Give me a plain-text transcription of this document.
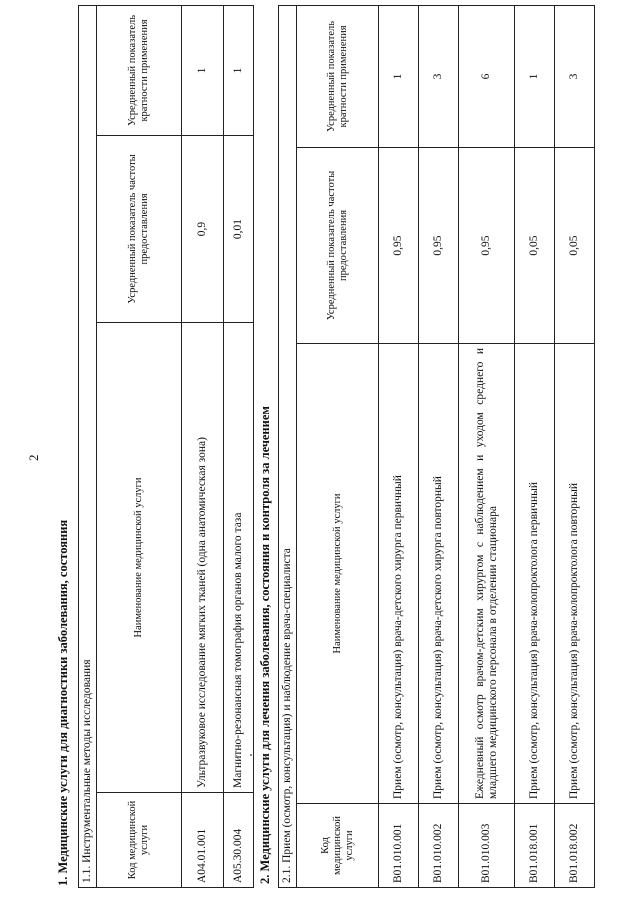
2
1. Медицинские услуги для диагностики заболевания, состояния 1.1. Инструментальные методы исследования			
Код медицинской услуги	Наименование медицинской услуги	Усредненный показатель частоты предоставления	Усредненный показатель кратности применения
A04.01.001	Ультразвуковое исследование мягких тканей (одна анатомическая зона)	0,9	1
A05.30.004	Магнитно-резонансная томография органов малого таза	0,01	1
2. Медицинские услуги для лечения заболевания, состояния и контроля за лечением 2.1. Прием (осмотр, консультация) и наблюдение врача-специалиста			
Код медицинской услуги	Наименование медицинской услуги	Усредненный показатель частоты предоставления	Усредненный показатель кратности применения
B01.010.001	Прием (осмотр, консультация) врача-детского хирурга первичный	0,95	1
B01.010.002	Прием (осмотр, консультация) врача-детского хирурга повторный	0,95	3
B01.010.003	Ежедневный осмотр врачом-детским хирургом с наблюдением и уходом среднего и младшего медицинского персонала в отделении стационара	0,95	6
B01.018.001	Прием (осмотр, консультация) врача-колопроктолога первичный	0,05	1
B01.018.002	Прием (осмотр, консультация) врача-колопроктолога повторный	0,05	3
